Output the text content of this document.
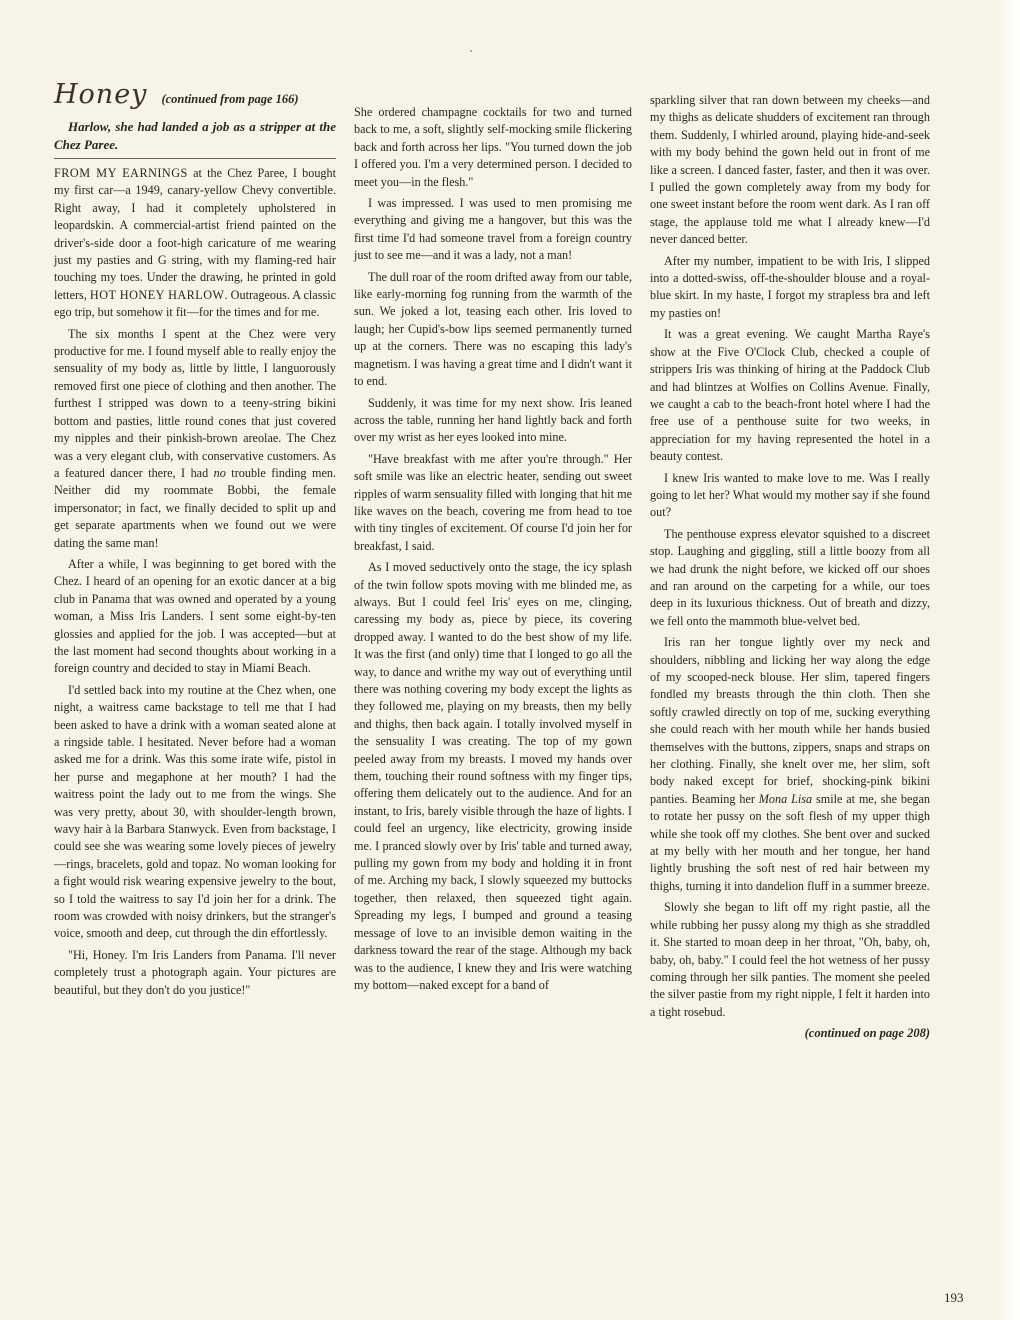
Honey (continued from page 166)

Harlow, she had landed a job as a stripper at the Chez Paree.

FROM MY EARNINGS at the Chez Paree, I bought my first car—a 1949, canary-yellow Chevy convertible. Right away, I had it completely upholstered in leopardskin. A commercial-artist friend painted on the driver's-side door a foot-high caricature of me wearing just my pasties and G string, with my flaming-red hair touching my toes. Under the drawing, he printed in gold letters, HOT HONEY HARLOW. Outrageous. A classic ego trip, but somehow it fit—for the times and for me.

The six months I spent at the Chez were very productive for me. I found myself able to really enjoy the sensuality of my body as, little by little, I languorously removed first one piece of clothing and then another. The furthest I stripped was down to a teeny-string bikini bottom and pasties, little round cones that just covered my nipples and their pinkish-brown areolae. The Chez was a very elegant club, with conservative customers. As a featured dancer there, I had no trouble finding men. Neither did my roommate Bobbi, the female impersonator; in fact, we finally decided to split up and get separate apartments when we found out we were dating the same man!

After a while, I was beginning to get bored with the Chez. I heard of an opening for an exotic dancer at a big club in Panama that was owned and operated by a young woman, a Miss Iris Landers. I sent some eight-by-ten glossies and applied for the job. I was accepted—but at the last moment had second thoughts about working in a foreign country and decided to stay in Miami Beach.

I'd settled back into my routine at the Chez when, one night, a waitress came backstage to tell me that I had been asked to have a drink with a woman seated alone at a ringside table. I hesitated. Never before had a woman asked me for a drink. Was this some irate wife, pistol in her purse and megaphone at her mouth? I had the waitress point the lady out to me from the wings. She was very pretty, about 30, with shoulder-length brown, wavy hair à la Barbara Stanwyck. Even from backstage, I could see she was wearing some lovely pieces of jewelry—rings, bracelets, gold and topaz. No woman looking for a fight would risk wearing expensive jewelry to the bout, so I told the waitress to say I'd join her for a drink. The room was crowded with noisy drinkers, but the stranger's voice, smooth and deep, cut through the din effortlessly.

"Hi, Honey. I'm Iris Landers from Panama. I'll never completely trust a photograph again. Your pictures are beautiful, but they don't do you justice!"

She ordered champagne cocktails for two and turned back to me, a soft, slightly self-mocking smile flickering back and forth across her lips. "You turned down the job I offered you. I'm a very determined person. I decided to meet you—in the flesh."

I was impressed. I was used to men promising me everything and giving me a hangover, but this was the first time I'd had someone travel from a foreign country just to see me—and it was a lady, not a man!

The dull roar of the room drifted away from our table, like early-morning fog running from the warmth of the sun. We joked a lot, teasing each other. Iris loved to laugh; her Cupid's-bow lips seemed permanently turned up at the corners. There was no escaping this lady's magnetism. I was having a great time and I didn't want it to end.

Suddenly, it was time for my next show. Iris leaned across the table, running her hand lightly back and forth over my wrist as her eyes looked into mine.

"Have breakfast with me after you're through." Her soft smile was like an electric heater, sending out sweet ripples of warm sensuality filled with longing that hit me like waves on the beach, covering me from head to toe with tiny tingles of excitement. Of course I'd join her for breakfast, I said.

As I moved seductively onto the stage, the icy splash of the twin follow spots moving with me blinded me, as always. But I could feel Iris' eyes on me, clinging, caressing my body as, piece by piece, its covering dropped away. I wanted to do the best show of my life. It was the first (and only) time that I longed to go all the way, to dance and writhe my way out of everything until there was nothing covering my body except the lights as they followed me, playing on my breasts, then my belly and thighs, then back again. I totally involved myself in the sensuality I was creating. The top of my gown peeled away from my breasts. I moved my hands over them, touching their round softness with my finger tips, offering them delicately out to the audience. And for an instant, to Iris, barely visible through the haze of lights. I could feel an urgency, like electricity, growing inside me. I pranced slowly over by Iris' table and turned away, pulling my gown from my body and holding it in front of me. Arching my back, I slowly squeezed my buttocks together, then relaxed, then squeezed tight again. Spreading my legs, I bumped and ground a teasing message of love to an invisible demon waiting in the darkness toward the rear of the stage. Although my back was to the audience, I knew they and Iris were watching my bottom—naked except for a band of

sparkling silver that ran down between my cheeks—and my thighs as delicate shudders of excitement ran through them. Suddenly, I whirled around, playing hide-and-seek with my body behind the gown held out in front of me like a screen. I danced faster, faster, and then it was over. I pulled the gown completely away from my body for one sweet instant before the room went dark. As I ran off stage, the applause told me what I already knew—I'd never danced better.

After my number, impatient to be with Iris, I slipped into a dotted-swiss, off-the-shoulder blouse and a royal-blue skirt. In my haste, I forgot my strapless bra and left my pasties on!

It was a great evening. We caught Martha Raye's show at the Five O'Clock Club, checked a couple of strippers Iris was thinking of hiring at the Paddock Club and had blintzes at Wolfies on Collins Avenue. Finally, we caught a cab to the beach-front hotel where I had the free use of a penthouse suite for two weeks, in appreciation for my having represented the hotel in a beauty contest.

I knew Iris wanted to make love to me. Was I really going to let her? What would my mother say if she found out?

The penthouse express elevator squished to a discreet stop. Laughing and giggling, still a little boozy from all we had drunk the night before, we kicked off our shoes and ran around on the carpeting for a while, our toes deep in its luxurious thickness. Out of breath and dizzy, we fell onto the mammoth blue-velvet bed.

Iris ran her tongue lightly over my neck and shoulders, nibbling and licking her way along the edge of my scooped-neck blouse. Her slim, tapered fingers fondled my breasts through the thin cloth. Then she softly crawled directly on top of me, sucking everything she could reach with her mouth while her hands busied themselves with the buttons, zippers, snaps and straps on her clothing. Finally, she knelt over me, her slim, soft body naked except for brief, shocking-pink bikini panties. Beaming her Mona Lisa smile at me, she began to rotate her pussy on the soft flesh of my upper thigh while she took off my clothes. She bent over and sucked at my belly with her mouth and her tongue, her hand lightly brushing the soft nest of red hair between my thighs, turning it into dandelion fluff in a summer breeze.

Slowly she began to lift off my right pastie, all the while rubbing her pussy along my thigh as she straddled it. She started to moan deep in her throat, "Oh, baby, oh, baby, oh, baby." I could feel the hot wetness of her pussy coming through her silk panties. The moment she peeled the silver pastie from my right nipple, I felt it harden into a tight rosebud.

(continued on page 208)
193
